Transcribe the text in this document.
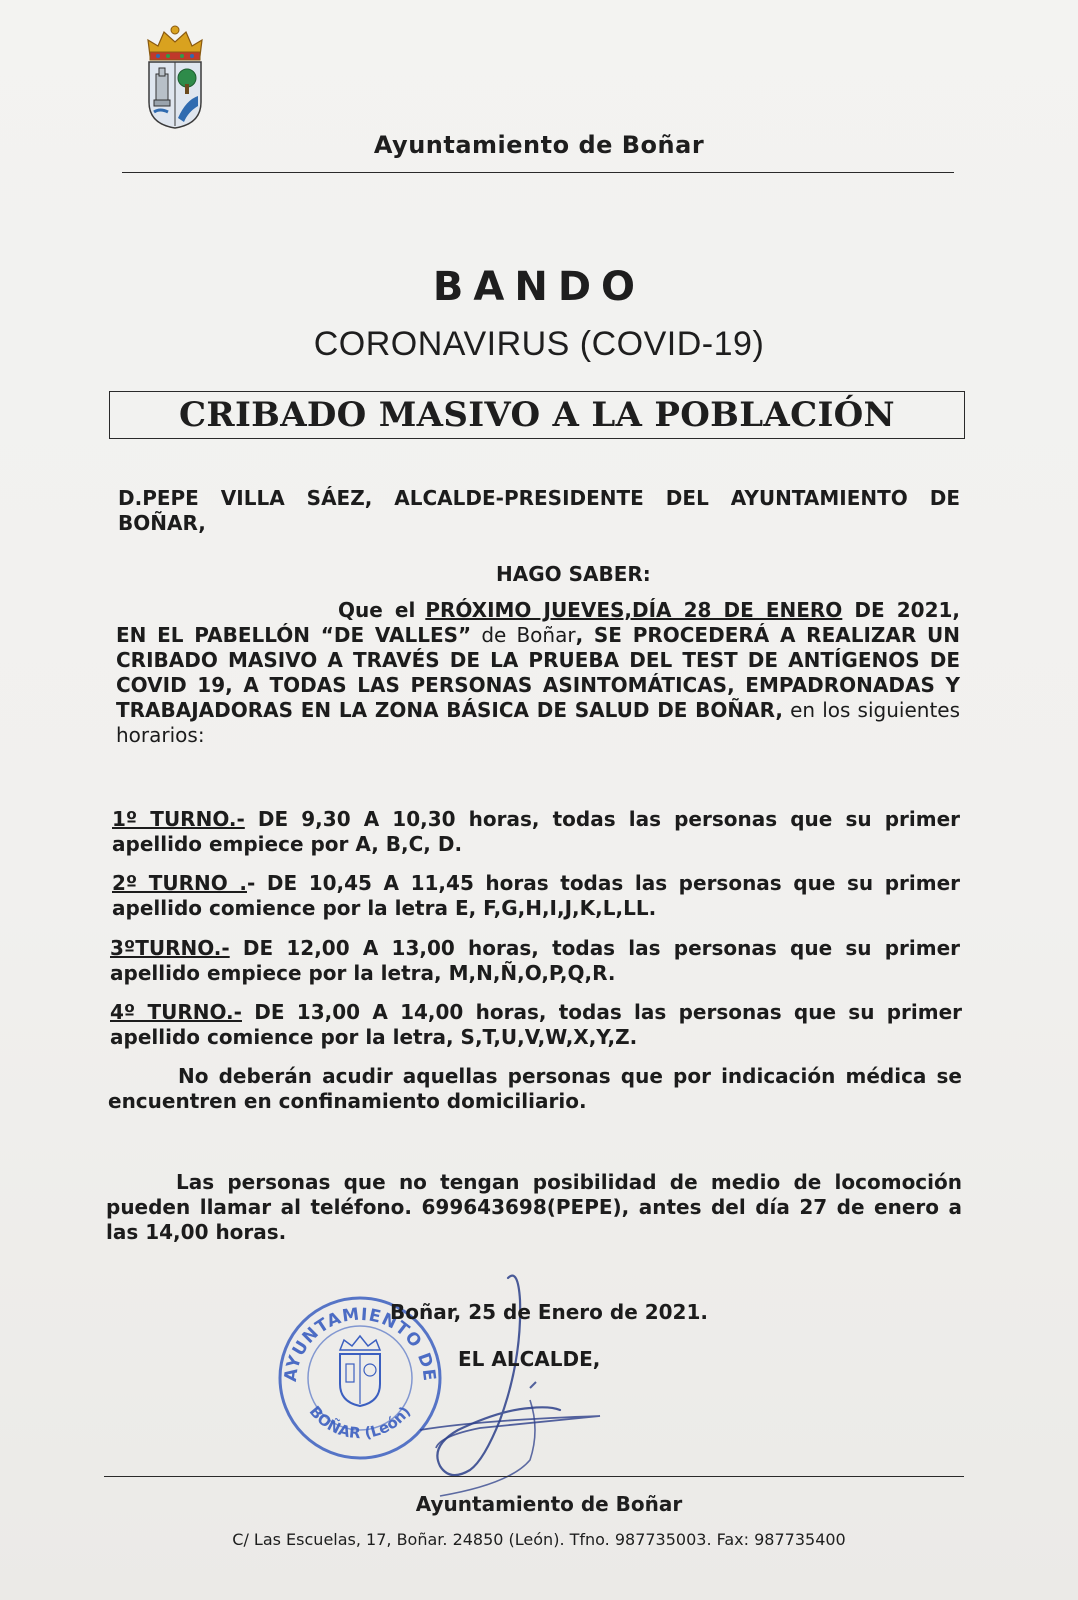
Ayuntamiento de Boñar
BANDO
CORONAVIRUS (COVID-19)
CRIBADO MASIVO A LA POBLACIÓN
D.PEPE VILLA SÁEZ, ALCALDE-PRESIDENTE DEL AYUNTAMIENTO DE
BOÑAR,
HAGO SABER:
Que el PRÓXIMO JUEVES,DÍA 28 DE ENERO DE 2021, EN EL PABELLÓN “DE VALLES” de Boñar, SE PROCEDERÁ A REALIZAR UN CRIBADO MASIVO A TRAVÉS DE LA PRUEBA DEL TEST DE ANTÍGENOS DE COVID 19, A TODAS LAS PERSONAS ASINTOMÁTICAS, EMPADRONADAS Y TRABAJADORAS EN LA ZONA BÁSICA DE SALUD DE BOÑAR, en los siguientes horarios:
1º TURNO.- DE 9,30 A 10,30 horas, todas las personas que su primer apellido empiece por A, B,C, D.
2º TURNO .- DE 10,45 A 11,45 horas todas las personas que su primer apellido comience por la letra E, F,G,H,I,J,K,L,LL.
3ºTURNO.- DE 12,00 A 13,00 horas, todas las personas que su primer apellido empiece por la letra, M,N,Ñ,O,P,Q,R.
4º TURNO.- DE 13,00 A 14,00 horas, todas las personas que su primer apellido comience por la letra, S,T,U,V,W,X,Y,Z.
No deberán acudir aquellas personas que por indicación médica se encuentren en confinamiento domiciliario.
Las personas que no tengan posibilidad de medio de locomoción pueden llamar al teléfono. 699643698(PEPE), antes del día 27 de enero a las 14,00 horas.
AYUNTAMIENTO DE
BOÑAR (León)
Boñar, 25 de Enero de 2021.
EL ALCALDE,
Ayuntamiento de Boñar
C/ Las Escuelas, 17, Boñar. 24850 (León). Tfno. 987735003. Fax: 987735400
